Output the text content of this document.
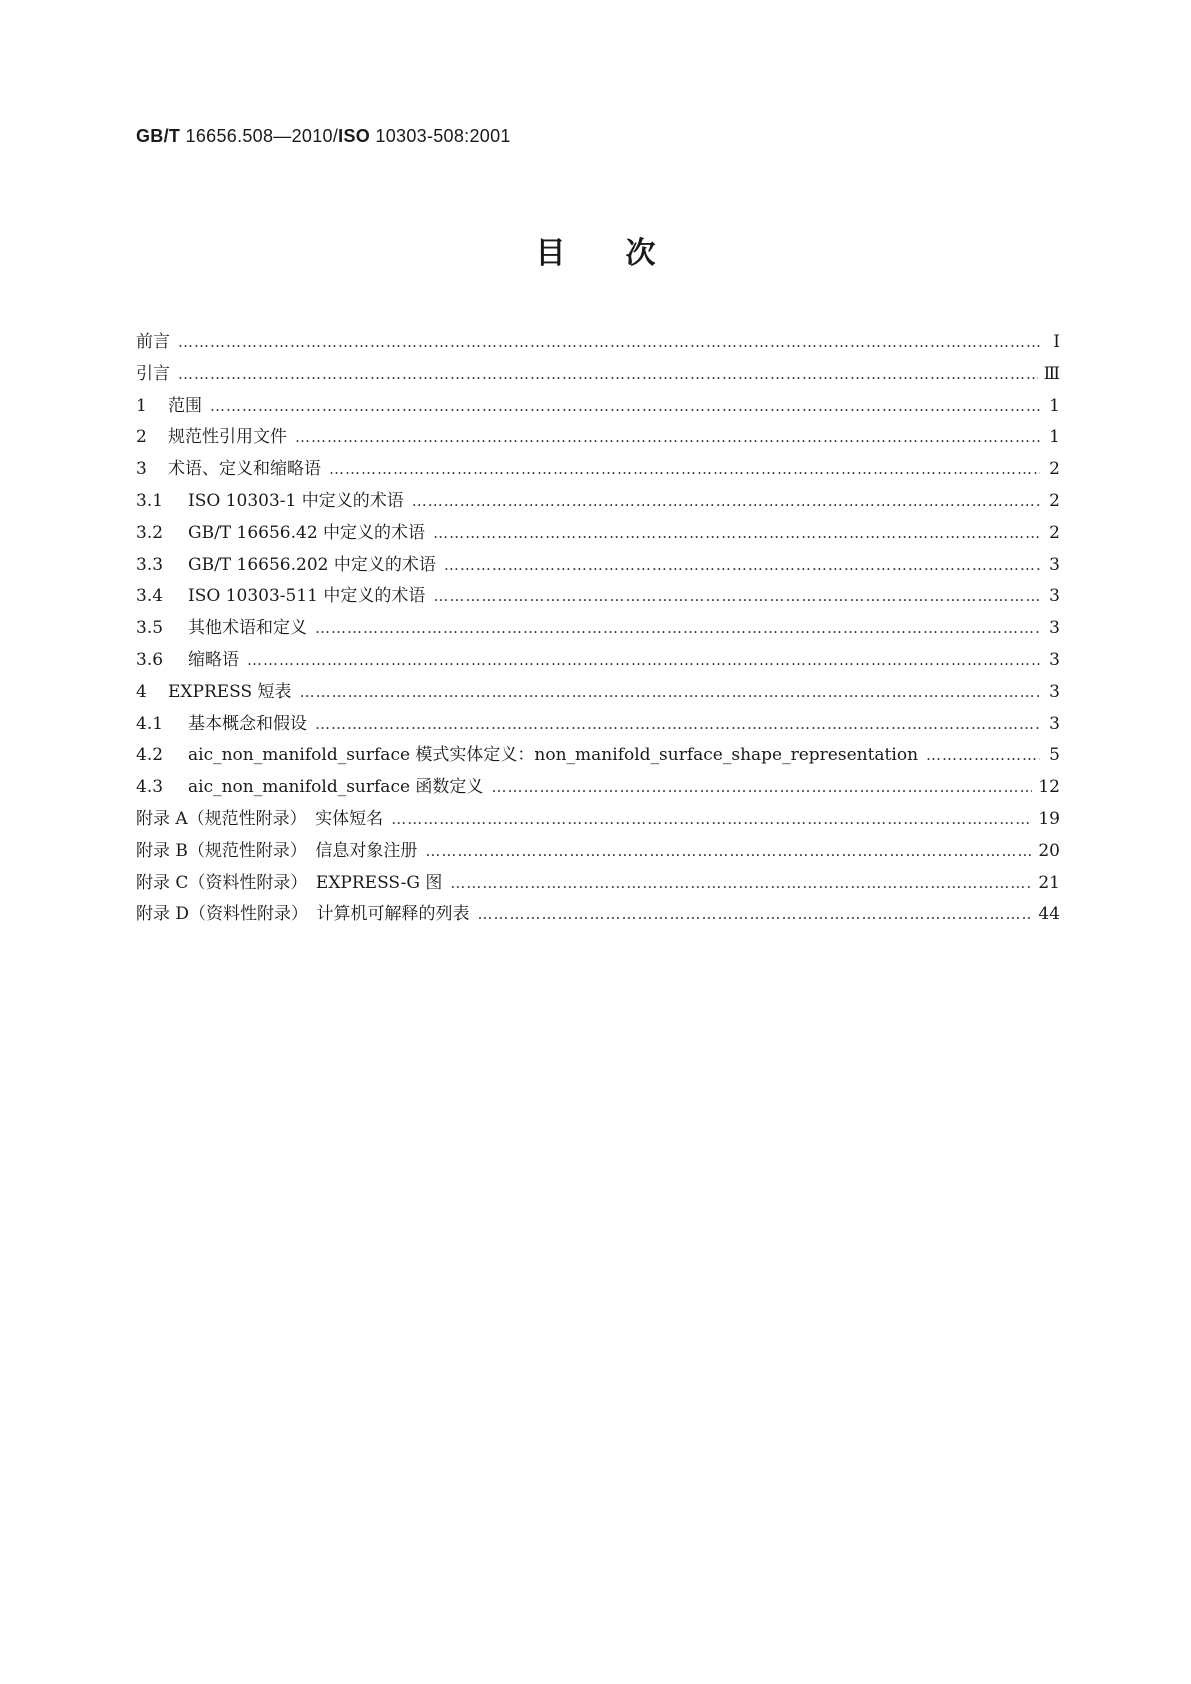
GB/T 16656.508—2010/ISO 10303-508:2001
目 次
前言 ……………………………………………………………………………………………………………………………………………………………………………………………………………………………………	Ⅰ
引言 ……………………………………………………………………………………………………………………………………………………………………………………………………………………………………	Ⅲ
1	范围 ……………………………………………………………………………………………………………………………………………………………………………………………………………………………………	1
2	规范性引用文件 ……………………………………………………………………………………………………………………………………………………………………………………………………………………………………	1
3	术语、定义和缩略语 ……………………………………………………………………………………………………………………………………………………………………………………………………………………………………	2
3.1	ISO 10303-1 中定义的术语 ……………………………………………………………………………………………………………………………………………………………………………………………………………………………………	2
3.2	GB/T 16656.42 中定义的术语 ……………………………………………………………………………………………………………………………………………………………………………………………………………………………………	2
3.3	GB/T 16656.202 中定义的术语 ……………………………………………………………………………………………………………………………………………………………………………………………………………………………………	3
3.4	ISO 10303-511 中定义的术语 ……………………………………………………………………………………………………………………………………………………………………………………………………………………………………	3
3.5	其他术语和定义 ……………………………………………………………………………………………………………………………………………………………………………………………………………………………………	3
3.6	缩略语 ……………………………………………………………………………………………………………………………………………………………………………………………………………………………………	3
4	EXPRESS 短表 ……………………………………………………………………………………………………………………………………………………………………………………………………………………………………	3
4.1	基本概念和假设 ……………………………………………………………………………………………………………………………………………………………………………………………………………………………………	3
4.2	aic_non_manifold_surface 模式实体定义：non_manifold_surface_shape_representation ……………………………………………………………………………………………………………………………………………………………………………………………………………………………………	5
4.3	aic_non_manifold_surface 函数定义 ……………………………………………………………………………………………………………………………………………………………………………………………………………………………………	12
附录 A（规范性附录）　实体短名 ……………………………………………………………………………………………………………………………………………………………………………………………………………………………………	19
附录 B（规范性附录）　信息对象注册 ……………………………………………………………………………………………………………………………………………………………………………………………………………………………………	20
附录 C（资料性附录）　EXPRESS-G 图 ……………………………………………………………………………………………………………………………………………………………………………………………………………………………………	21
附录 D（资料性附录）　计算机可解释的列表 ……………………………………………………………………………………………………………………………………………………………………………………………………………………………………	44
